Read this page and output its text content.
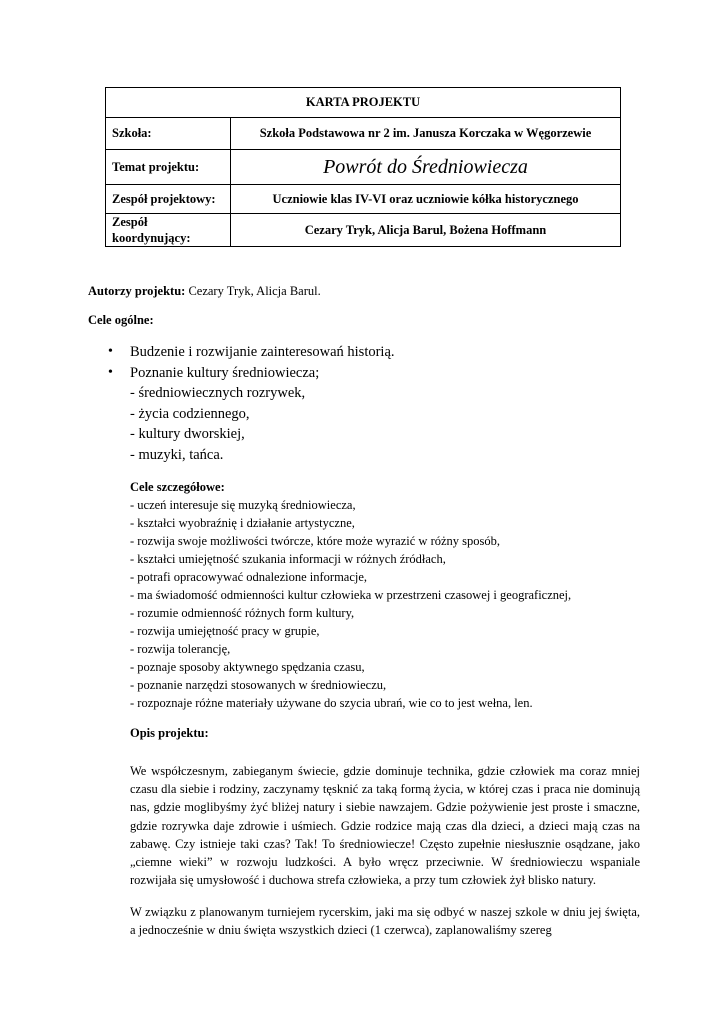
KARTA PROJEKTU	
Szkoła:	Szkoła Podstawowa nr 2 im. Janusza Korczaka w Węgorzewie
Temat projektu:	Powrót do Średniowiecza
Zespół projektowy:	Uczniowie klas IV-VI oraz uczniowie kółka historycznego
Zespół
koordynujący:	Cezary Tryk, Alicja Barul, Bożena Hoffmann
Autorzy projektu: Cezary Tryk, Alicja Barul.
Cele ogólne:
• Budzenie i rozwijanie zainteresowań historią.
• Poznanie kultury średniowiecza;
- średniowiecznych rozrywek,
- życia codziennego,
- kultury dworskiej,
- muzyki, tańca.
Cele szczegółowe:
- uczeń interesuje się muzyką średniowiecza,
- kształci wyobraźnię i działanie artystyczne,
- rozwija swoje możliwości twórcze, które może wyrazić w różny sposób,
- kształci umiejętność szukania informacji w różnych źródłach,
- potrafi opracowywać odnalezione informacje,
- ma świadomość odmienności kultur człowieka w przestrzeni czasowej i geograficznej,
- rozumie odmienność różnych form kultury,
- rozwija umiejętność pracy w grupie,
- rozwija tolerancję,
- poznaje sposoby aktywnego spędzania czasu,
- poznanie narzędzi stosowanych w średniowieczu,
- rozpoznaje różne materiały używane do szycia ubrań, wie co to jest wełna, len.
Opis projektu:
We współczesnym, zabieganym świecie, gdzie dominuje technika, gdzie człowiek ma coraz mniej czasu dla siebie i rodziny, zaczynamy tęsknić za taką formą życia, w której czas i praca nie dominują nas, gdzie moglibyśmy żyć bliżej natury i siebie nawzajem. Gdzie pożywienie jest proste i smaczne, gdzie rozrywka daje zdrowie i uśmiech. Gdzie rodzice mają czas dla dzieci, a dzieci mają czas na zabawę. Czy istnieje taki czas? Tak! To średniowiecze! Często zupełnie niesłusznie osądzane, jako „ciemne wieki” w rozwoju ludzkości. A było wręcz przeciwnie. W średniowieczu wspaniale rozwijała się umysłowość i duchowa strefa człowieka, a przy tum człowiek żył blisko natury.
W związku z planowanym turniejem rycerskim, jaki ma się odbyć w naszej szkole w dniu jej święta, a jednocześnie w dniu święta wszystkich dzieci (1 czerwca), zaplanowaliśmy szereg
